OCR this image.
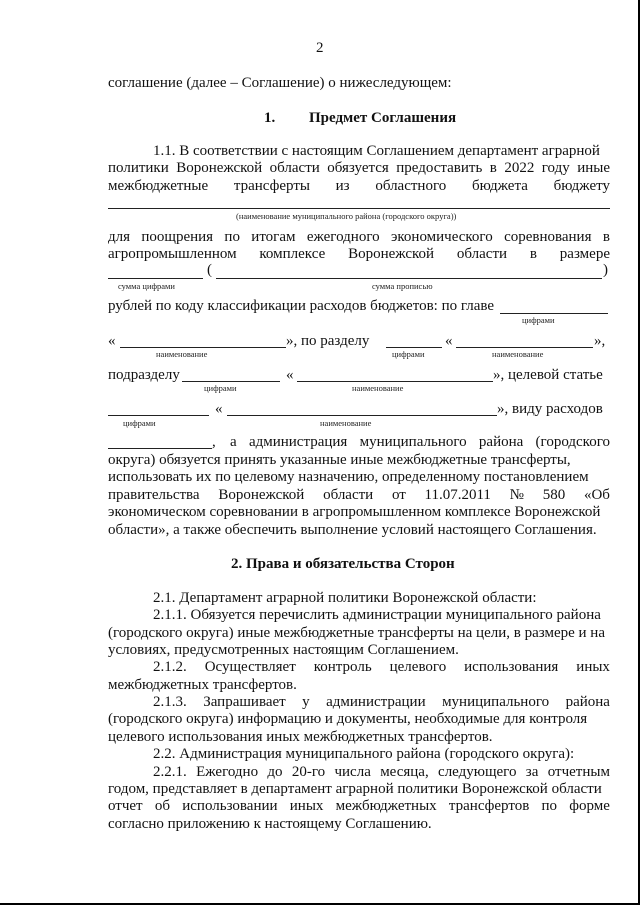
2
соглашение (далее – Соглашение) о нижеследующем:
1. Предмет Соглашения
1.1. В соответствии с настоящим Соглашением департамент аграрной
политики Воронежской области обязуется предоставить в 2022 году иные
межбюджетные трансферты из областного бюджета бюджету
(наименование муниципального района (городского округа))
для поощрения по итогам ежегодного экономического соревнования в
агропромышленном комплексе Воронежской области в размере
(	)
сумма цифрами	сумма прописью
рублей по коду классификации расходов бюджетов: по главе
цифрами
«	», по разделу	«	»,
наименование	цифрами	наименование
подразделу	«	», целевой статье
цифрами	наименование
«	», виду расходов
цифрами	наименование
, а администрация муниципального района (городского
округа) обязуется принять указанные иные межбюджетные трансферты,
использовать их по целевому назначению, определенному постановлением
правительства Воронежской области от 11.07.2011 № 580 «Об
экономическом соревновании в агропромышленном комплексе Воронежской
области», а также обеспечить выполнение условий настоящего Соглашения.
2. Права и обязательства Сторон
2.1. Департамент аграрной политики Воронежской области:
2.1.1. Обязуется перечислить администрации муниципального района
(городского округа) иные межбюджетные трансферты на цели, в размере и на
условиях, предусмотренных настоящим Соглашением.
2.1.2. Осуществляет контроль целевого использования иных
межбюджетных трансфертов.
2.1.3. Запрашивает у администрации муниципального района
(городского округа) информацию и документы, необходимые для контроля
целевого использования иных межбюджетных трансфертов.
2.2. Администрация муниципального района (городского округа):
2.2.1. Ежегодно до 20-го числа месяца, следующего за отчетным
годом, представляет в департамент аграрной политики Воронежской области
отчет об использовании иных межбюджетных трансфертов по форме
согласно приложению к настоящему Соглашению.
